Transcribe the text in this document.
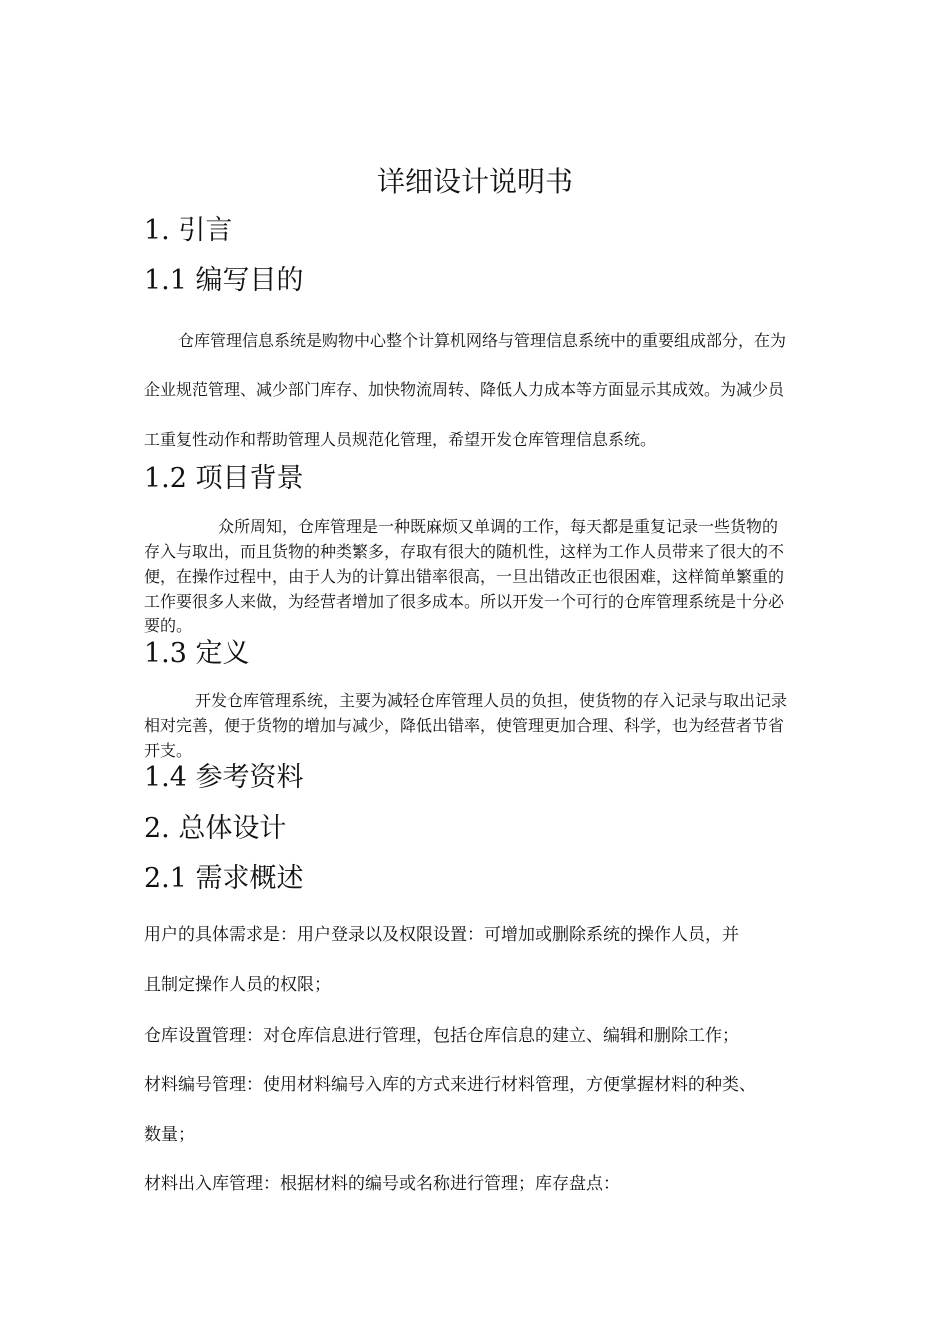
详细设计说明书
1. 引言
1.1 编写目的
仓库管理信息系统是购物中心整个计算机网络与管理信息系统中的重要组成部分，在为
企业规范管理、减少部门库存、加快物流周转、降低人力成本等方面显示其成效。为减少员
工重复性动作和帮助管理人员规范化管理，希望开发仓库管理信息系统。
1.2 项目背景
众所周知，仓库管理是一种既麻烦又单调的工作，每天都是重复记录一些货物的
存入与取出，而且货物的种类繁多，存取有很大的随机性，这样为工作人员带来了很大的不
便，在操作过程中，由于人为的计算出错率很高，一旦出错改正也很困难，这样简单繁重的
工作要很多人来做，为经营者增加了很多成本。所以开发一个可行的仓库管理系统是十分必
要的。
1.3 定义
开发仓库管理系统，主要为减轻仓库管理人员的负担，使货物的存入记录与取出记录
相对完善，便于货物的增加与减少，降低出错率，使管理更加合理、科学，也为经营者节省
开支。
1.4 参考资料
2. 总体设计
2.1 需求概述
用户的具体需求是：用户登录以及权限设置：可增加或删除系统的操作人员，并
且制定操作人员的权限；
仓库设置管理：对仓库信息进行管理，包括仓库信息的建立、编辑和删除工作；
材料编号管理：使用材料编号入库的方式来进行材料管理，方便掌握材料的种类、
数量；
材料出入库管理：根据材料的编号或名称进行管理；库存盘点：
